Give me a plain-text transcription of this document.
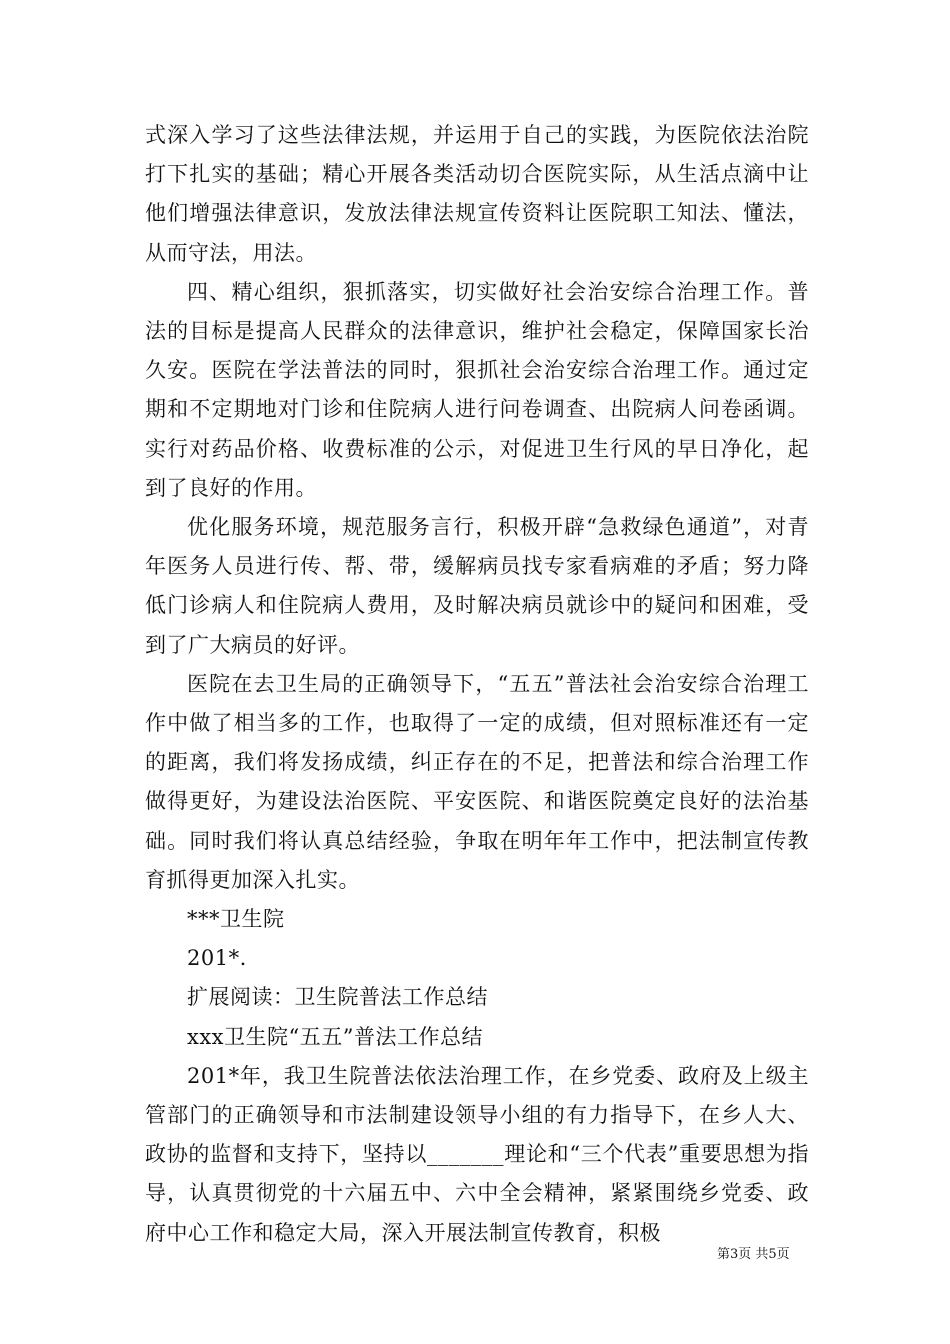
式深入学习了这些法律法规，并运用于自己的实践，为医院依法治院打下扎实的基础；精心开展各类活动切合医院实际，从生活点滴中让他们增强法律意识，发放法律法规宣传资料让医院职工知法、懂法，从而守法，用法。

四、精心组织，狠抓落实，切实做好社会治安综合治理工作。普法的目标是提高人民群众的法律意识，维护社会稳定，保障国家长治久安。医院在学法普法的同时，狠抓社会治安综合治理工作。通过定期和不定期地对门诊和住院病人进行问卷调查、出院病人问卷函调。实行对药品价格、收费标准的公示，对促进卫生行风的早日净化，起到了良好的作用。

优化服务环境，规范服务言行，积极开辟“急救绿色通道”，对青年医务人员进行传、帮、带，缓解病员找专家看病难的矛盾；努力降低门诊病人和住院病人费用，及时解决病员就诊中的疑问和困难，受到了广大病员的好评。

医院在去卫生局的正确领导下，“五五”普法社会治安综合治理工作中做了相当多的工作，也取得了一定的成绩，但对照标准还有一定的距离，我们将发扬成绩，纠正存在的不足，把普法和综合治理工作做得更好，为建设法治医院、平安医院、和谐医院奠定良好的法治基础。同时我们将认真总结经验，争取在明年年工作中，把法制宣传教育抓得更加深入扎实。

***卫生院

201*.

扩展阅读：卫生院普法工作总结

xxx卫生院“五五”普法工作总结

201*年，我卫生院普法依法治理工作，在乡党委、政府及上级主管部门的正确领导和市法制建设领导小组的有力指导下，在乡人大、政协的监督和支持下，坚持以_______理论和“三个代表”重要思想为指导，认真贯彻党的十六届五中、六中全会精神，紧紧围绕乡党委、政府中心工作和稳定大局，深入开展法制宣传教育，积极

第3页 共5页
